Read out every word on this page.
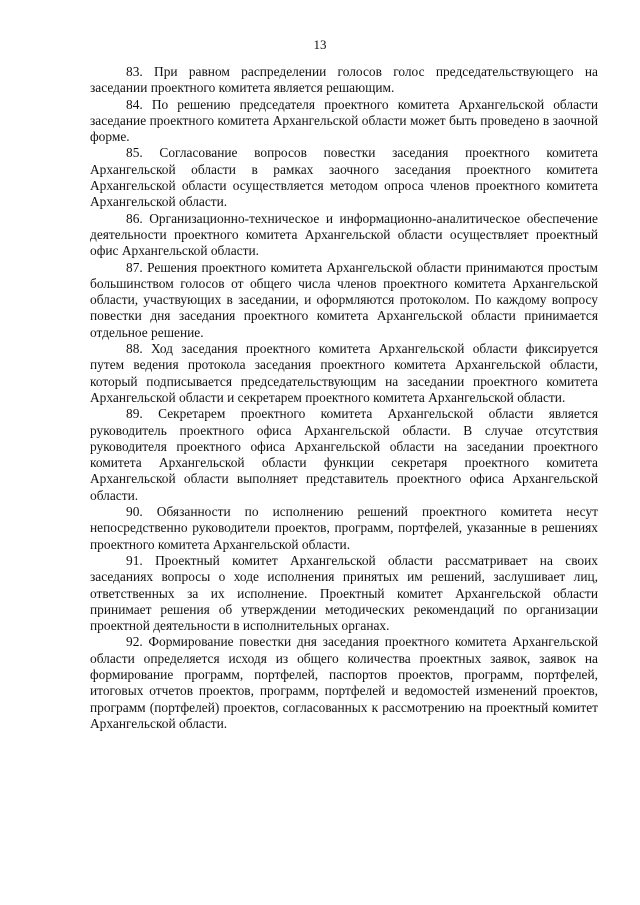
13

83. При равном распределении голосов голос председательствующего на заседании проектного комитета является решающим.

84. По решению председателя проектного комитета Архангельской области заседание проектного комитета Архангельской области может быть проведено в заочной форме.

85. Согласование вопросов повестки заседания проектного комитета Архангельской области в рамках заочного заседания проектного комитета Архангельской области осуществляется методом опроса членов проектного комитета Архангельской области.

86. Организационно-техническое и информационно-аналитическое обеспечение деятельности проектного комитета Архангельской области осуществляет проектный офис Архангельской области.

87. Решения проектного комитета Архангельской области принимаются простым большинством голосов от общего числа членов проектного комитета Архангельской области, участвующих в заседании, и оформляются протоколом. По каждому вопросу повестки дня заседания проектного комитета Архангельской области принимается отдельное решение.

88. Ход заседания проектного комитета Архангельской области фиксируется путем ведения протокола заседания проектного комитета Архангельской области, который подписывается председательствующим на заседании проектного комитета Архангельской области и секретарем проектного комитета Архангельской области.

89. Секретарем проектного комитета Архангельской области является руководитель проектного офиса Архангельской области. В случае отсутствия руководителя проектного офиса Архангельской области на заседании проектного комитета Архангельской области функции секретаря проектного комитета Архангельской области выполняет представитель проектного офиса Архангельской области.

90. Обязанности по исполнению решений проектного комитета несут непосредственно руководители проектов, программ, портфелей, указанные в решениях проектного комитета Архангельской области.

91. Проектный комитет Архангельской области рассматривает на своих заседаниях вопросы о ходе исполнения принятых им решений, заслушивает лиц, ответственных за их исполнение. Проектный комитет Архангельской области принимает решения об утверждении методических рекомендаций по организации проектной деятельности в исполнительных органах.

92. Формирование повестки дня заседания проектного комитета Архангельской области определяется исходя из общего количества проектных заявок, заявок на формирование программ, портфелей, паспортов проектов, программ, портфелей, итоговых отчетов проектов, программ, портфелей и ведомостей изменений проектов, программ (портфелей) проектов, согласованных к рассмотрению на проектный комитет Архангельской области.
